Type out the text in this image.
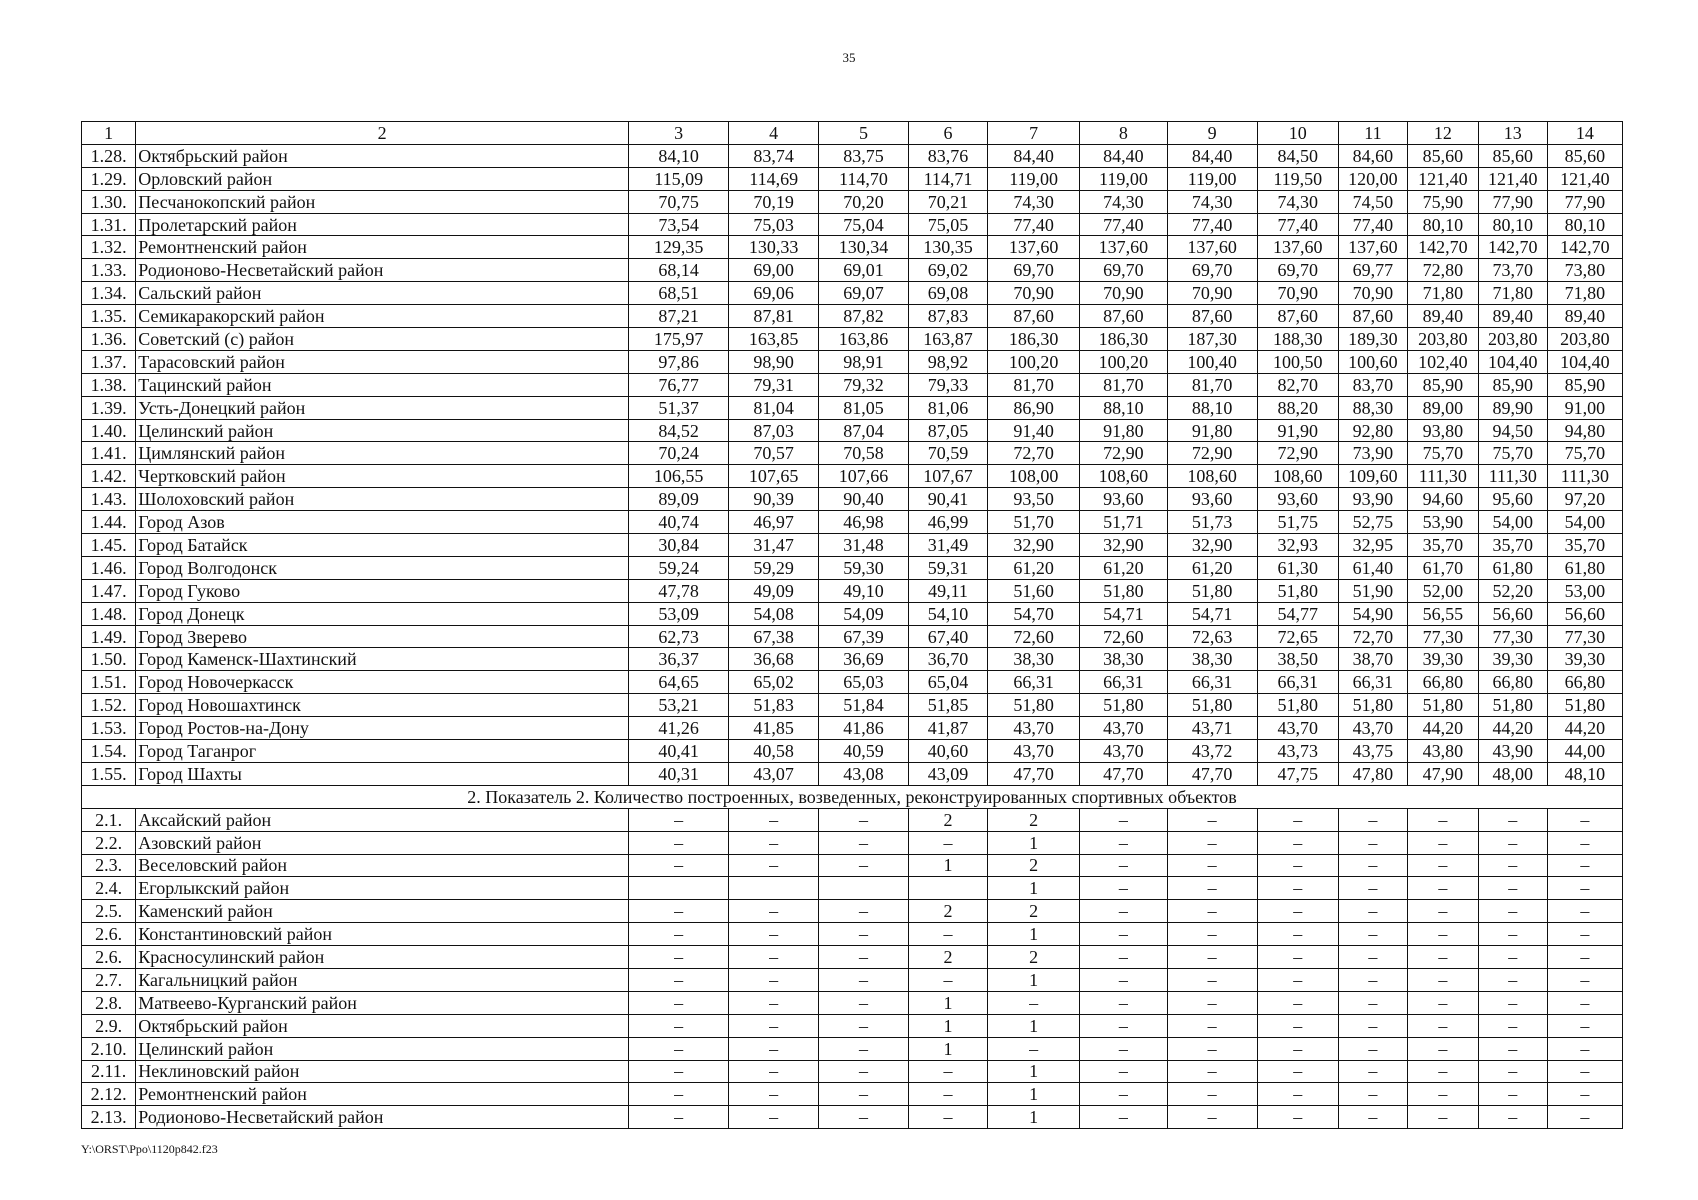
35
1	2	3	4	5	6	7	8	9	10	11	12	13	14
1.28.	Октябрьский район	84,10	83,74	83,75	83,76	84,40	84,40	84,40	84,50	84,60	85,60	85,60	85,60
1.29.	Орловский район	115,09	114,69	114,70	114,71	119,00	119,00	119,00	119,50	120,00	121,40	121,40	121,40
1.30.	Песчанокопский район	70,75	70,19	70,20	70,21	74,30	74,30	74,30	74,30	74,50	75,90	77,90	77,90
1.31.	Пролетарский район	73,54	75,03	75,04	75,05	77,40	77,40	77,40	77,40	77,40	80,10	80,10	80,10
1.32.	Ремонтненский район	129,35	130,33	130,34	130,35	137,60	137,60	137,60	137,60	137,60	142,70	142,70	142,70
1.33.	Родионово-Несветайский район	68,14	69,00	69,01	69,02	69,70	69,70	69,70	69,70	69,77	72,80	73,70	73,80
1.34.	Сальский район	68,51	69,06	69,07	69,08	70,90	70,90	70,90	70,90	70,90	71,80	71,80	71,80
1.35.	Семикаракорский район	87,21	87,81	87,82	87,83	87,60	87,60	87,60	87,60	87,60	89,40	89,40	89,40
1.36.	Советский (с) район	175,97	163,85	163,86	163,87	186,30	186,30	187,30	188,30	189,30	203,80	203,80	203,80
1.37.	Тарасовский район	97,86	98,90	98,91	98,92	100,20	100,20	100,40	100,50	100,60	102,40	104,40	104,40
1.38.	Тацинский район	76,77	79,31	79,32	79,33	81,70	81,70	81,70	82,70	83,70	85,90	85,90	85,90
1.39.	Усть-Донецкий район	51,37	81,04	81,05	81,06	86,90	88,10	88,10	88,20	88,30	89,00	89,90	91,00
1.40.	Целинский район	84,52	87,03	87,04	87,05	91,40	91,80	91,80	91,90	92,80	93,80	94,50	94,80
1.41.	Цимлянский район	70,24	70,57	70,58	70,59	72,70	72,90	72,90	72,90	73,90	75,70	75,70	75,70
1.42.	Чертковский район	106,55	107,65	107,66	107,67	108,00	108,60	108,60	108,60	109,60	111,30	111,30	111,30
1.43.	Шолоховский район	89,09	90,39	90,40	90,41	93,50	93,60	93,60	93,60	93,90	94,60	95,60	97,20
1.44.	Город Азов	40,74	46,97	46,98	46,99	51,70	51,71	51,73	51,75	52,75	53,90	54,00	54,00
1.45.	Город Батайск	30,84	31,47	31,48	31,49	32,90	32,90	32,90	32,93	32,95	35,70	35,70	35,70
1.46.	Город Волгодонск	59,24	59,29	59,30	59,31	61,20	61,20	61,20	61,30	61,40	61,70	61,80	61,80
1.47.	Город Гуково	47,78	49,09	49,10	49,11	51,60	51,80	51,80	51,80	51,90	52,00	52,20	53,00
1.48.	Город Донецк	53,09	54,08	54,09	54,10	54,70	54,71	54,71	54,77	54,90	56,55	56,60	56,60
1.49.	Город Зверево	62,73	67,38	67,39	67,40	72,60	72,60	72,63	72,65	72,70	77,30	77,30	77,30
1.50.	Город Каменск-Шахтинский	36,37	36,68	36,69	36,70	38,30	38,30	38,30	38,50	38,70	39,30	39,30	39,30
1.51.	Город Новочеркасск	64,65	65,02	65,03	65,04	66,31	66,31	66,31	66,31	66,31	66,80	66,80	66,80
1.52.	Город Новошахтинск	53,21	51,83	51,84	51,85	51,80	51,80	51,80	51,80	51,80	51,80	51,80	51,80
1.53.	Город Ростов-на-Дону	41,26	41,85	41,86	41,87	43,70	43,70	43,71	43,70	43,70	44,20	44,20	44,20
1.54.	Город Таганрог	40,41	40,58	40,59	40,60	43,70	43,70	43,72	43,73	43,75	43,80	43,90	44,00
1.55.	Город Шахты	40,31	43,07	43,08	43,09	47,70	47,70	47,70	47,75	47,80	47,90	48,00	48,10
2. Показатель 2. Количество построенных, возведенных, реконструированных спортивных объектов													
2.1.	Аксайский район	–	–	–	2	2	–	–	–	–	–	–	–
2.2.	Азовский район	–	–	–	–	1	–	–	–	–	–	–	–
2.3.	Веселовский район	–	–	–	1	2	–	–	–	–	–	–	–
2.4.	Егорлыкский район					1	–	–	–	–	–	–	–
2.5.	Каменский район	–	–	–	2	2	–	–	–	–	–	–	–
2.6.	Константиновский район	–	–	–	–	1	–	–	–	–	–	–	–
2.6.	Красносулинский район	–	–	–	2	2	–	–	–	–	–	–	–
2.7.	Кагальницкий район	–	–	–	–	1	–	–	–	–	–	–	–
2.8.	Матвеево-Курганский район	–	–	–	1	–	–	–	–	–	–	–	–
2.9.	Октябрьский район	–	–	–	1	1	–	–	–	–	–	–	–
2.10.	Целинский район	–	–	–	1	–	–	–	–	–	–	–	–
2.11.	Неклиновский район	–	–	–	–	1	–	–	–	–	–	–	–
2.12.	Ремонтненский район	–	–	–	–	1	–	–	–	–	–	–	–
2.13.	Родионово-Несветайский район	–	–	–	–	1	–	–	–	–	–	–	–
Y:\ORST\Ppo\1120p842.f23
